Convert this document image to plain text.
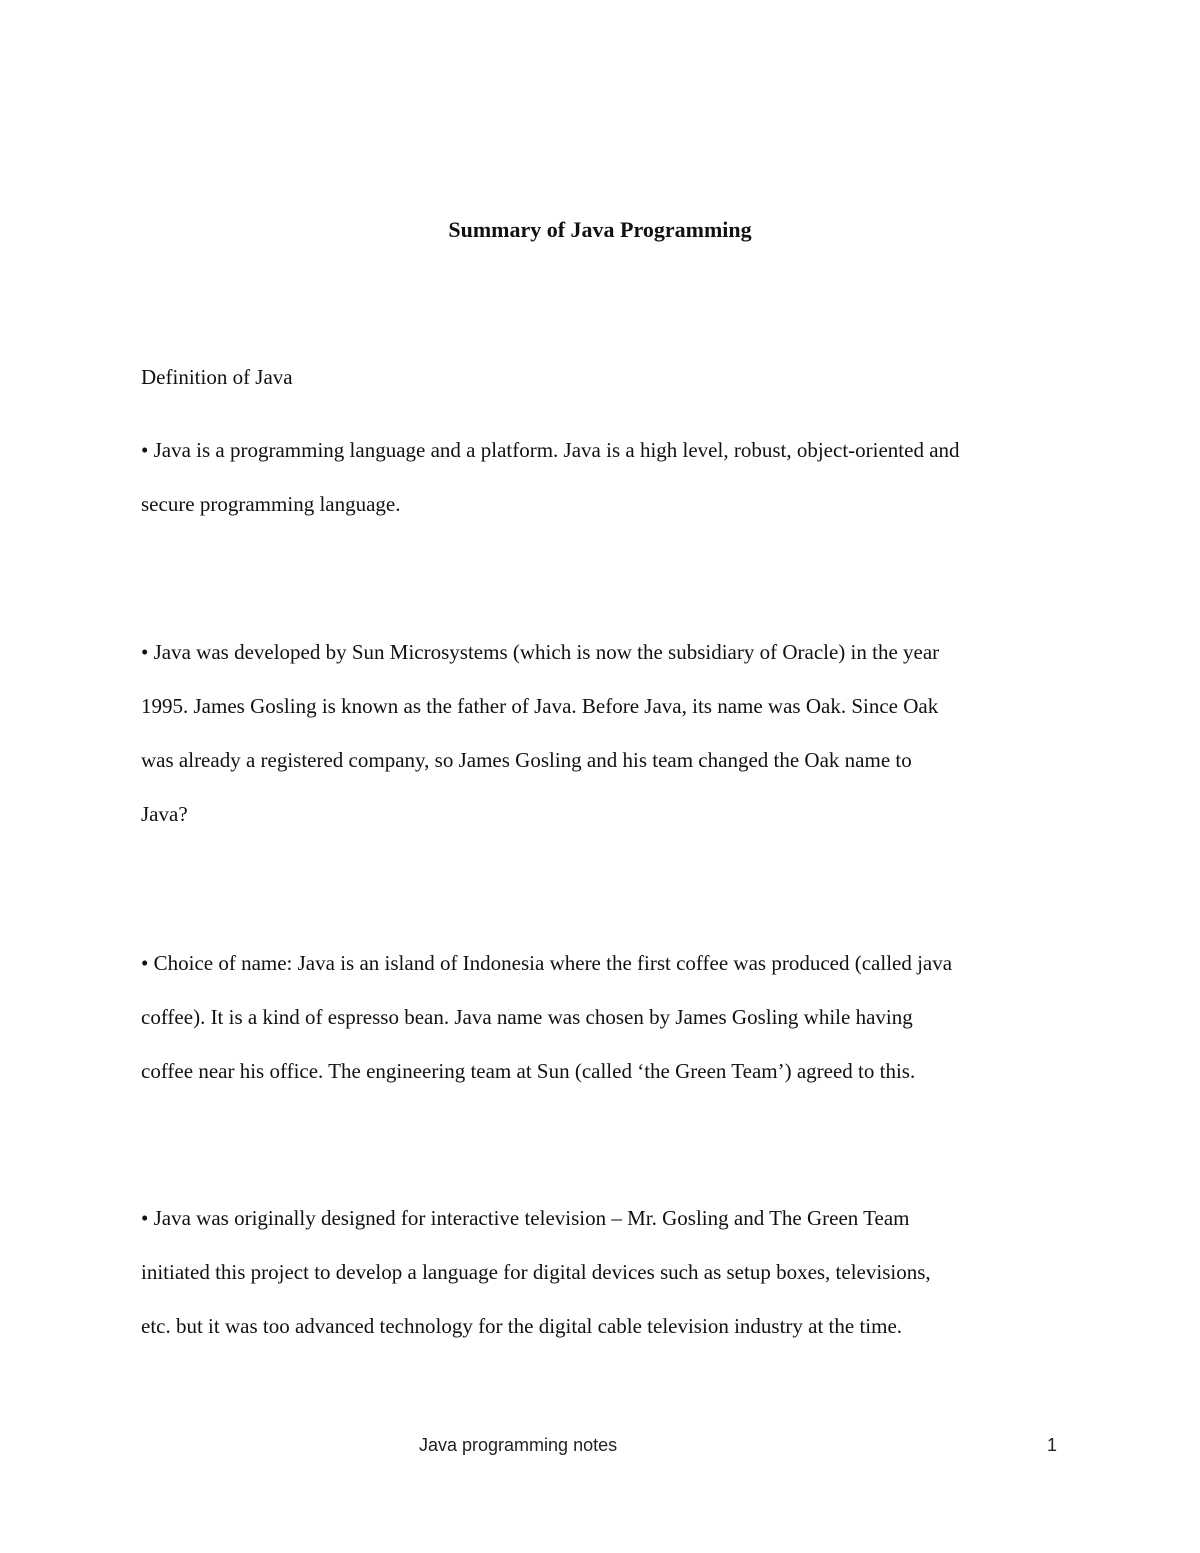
Summary of Java Programming

Definition of Java

• Java is a programming language and a platform. Java is a high level, robust, object-oriented and
secure programming language.

• Java was developed by Sun Microsystems (which is now the subsidiary of Oracle) in the year
1995. James Gosling is known as the father of Java. Before Java, its name was Oak. Since Oak
was already a registered company, so James Gosling and his team changed the Oak name to
Java?

• Choice of name: Java is an island of Indonesia where the first coffee was produced (called java
coffee). It is a kind of espresso bean. Java name was chosen by James Gosling while having
coffee near his office. The engineering team at Sun (called ‘the Green Team’) agreed to this.

• Java was originally designed for interactive television – Mr. Gosling and The Green Team
initiated this project to develop a language for digital devices such as setup boxes, televisions,
etc. but it was too advanced technology for the digital cable television industry at the time.

Java programming notes	1
